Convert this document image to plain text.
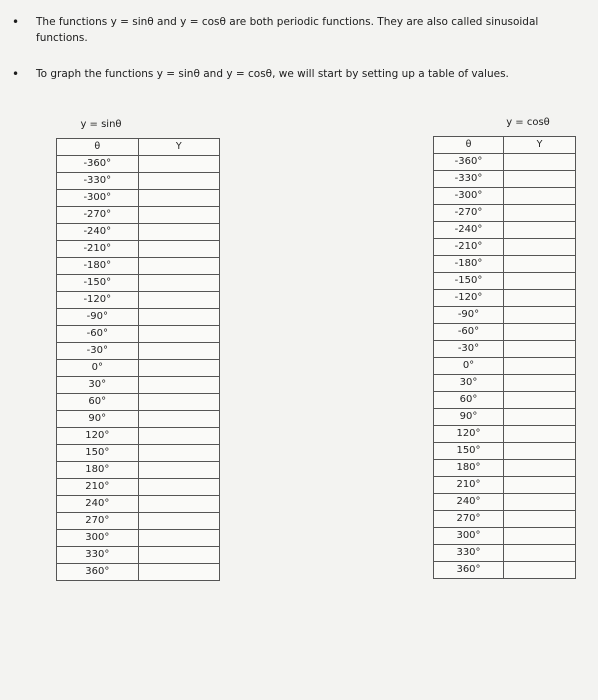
• The functions y = sinθ and y = cosθ are both periodic functions. They are also called sinusoidal functions.
• To graph the functions y = sinθ and y = cosθ, we will start by setting up a table of values.
y = sinθ
θ	Y
-360°	
-330°	
-300°	
-270°	
-240°	
-210°	
-180°	
-150°	
-120°	
-90°	
-60°	
-30°	
0°	
30°	
60°	
90°	
120°	
150°	
180°	
210°	
240°	
270°	
300°	
330°	
360°	
y = cosθ
θ	Y
-360°	
-330°	
-300°	
-270°	
-240°	
-210°	
-180°	
-150°	
-120°	
-90°	
-60°	
-30°	
0°	
30°	
60°	
90°	
120°	
150°	
180°	
210°	
240°	
270°	
300°	
330°	
360°	
